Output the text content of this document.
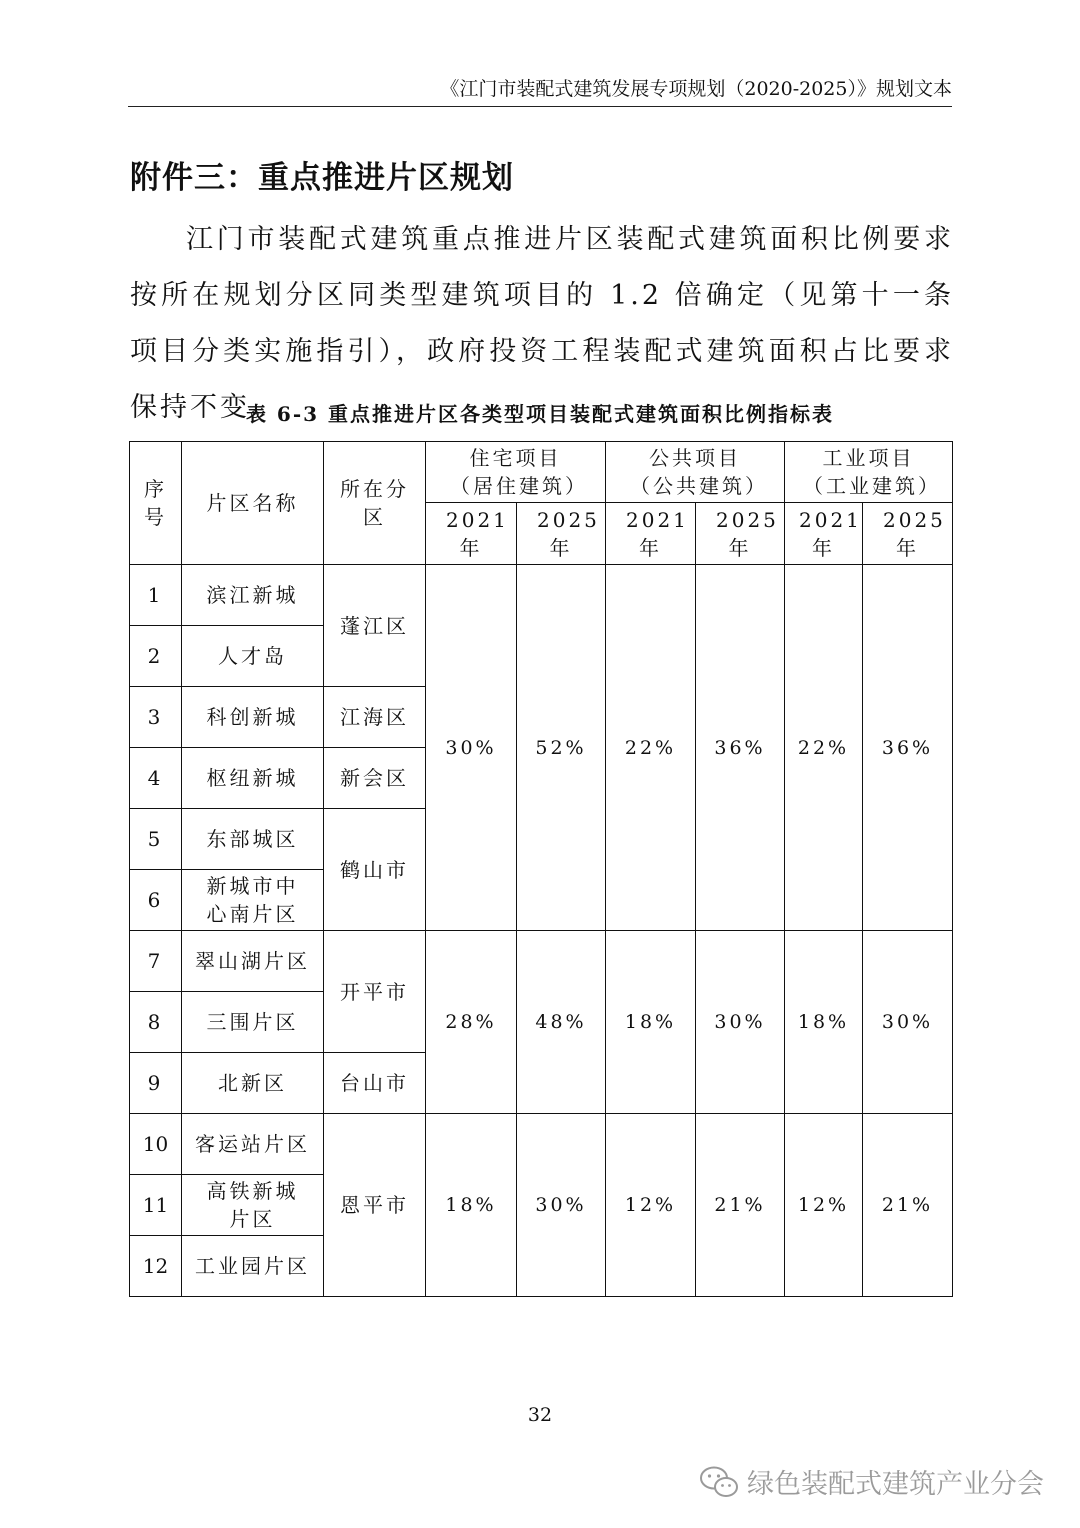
《江门市装配式建筑发展专项规划（2020-2025）》规划文本
附件三：重点推进片区规划
江门市装配式建筑重点推进片区装配式建筑面积比例要求按所在规划分区同类型建筑项目的 1.2 倍确定（见第十一条 项目分类实施指引），政府投资工程装配式建筑面积占比要求保持不变。
表 6-3 重点推进片区各类型项目装配式建筑面积比例指标表
序号	片区名称	所在分区	住宅项目（居住建筑）		公共项目（公共建筑）		工业项目（工业建筑）	
			2021年	2025年	2021年	2025年	2021年	2025年
1	滨江新城	蓬江区	30%	52%	22%	36%	22%	36%
2	人才岛							
3	科创新城	江海区						
4	枢纽新城	新会区						
5	东部城区	鹤山市						
6	新城市中心南片区							
7	翠山湖片区	开平市	28%	48%	18%	30%	18%	30%
8	三围片区							
9	北新区	台山市						
10	客运站片区	恩平市	18%	30%	12%	21%	12%	21%
11	高铁新城片区							
12	工业园片区							
32
绿色装配式建筑产业分会
